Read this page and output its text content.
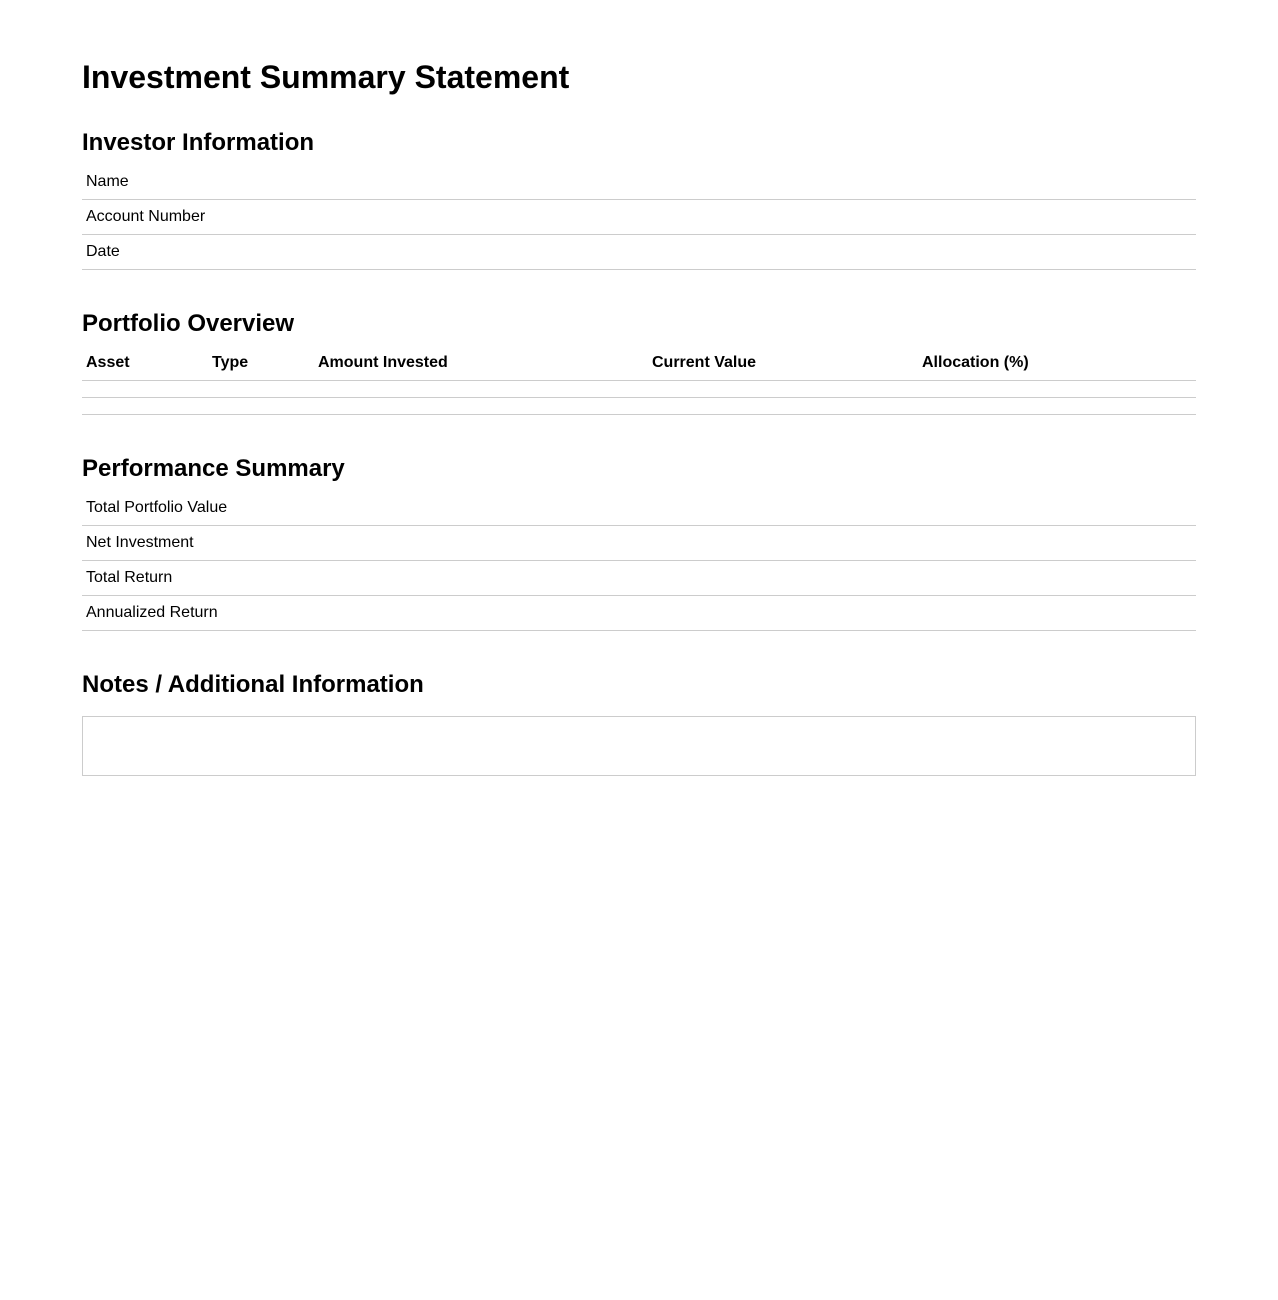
Investment Summary Statement
Investor Information
Name
Account Number
Date
Portfolio Overview
Asset	Type	Amount Invested	Current Value	Allocation (%)

Performance Summary
Total Portfolio Value
Net Investment
Total Return
Annualized Return
Notes / Additional Information
